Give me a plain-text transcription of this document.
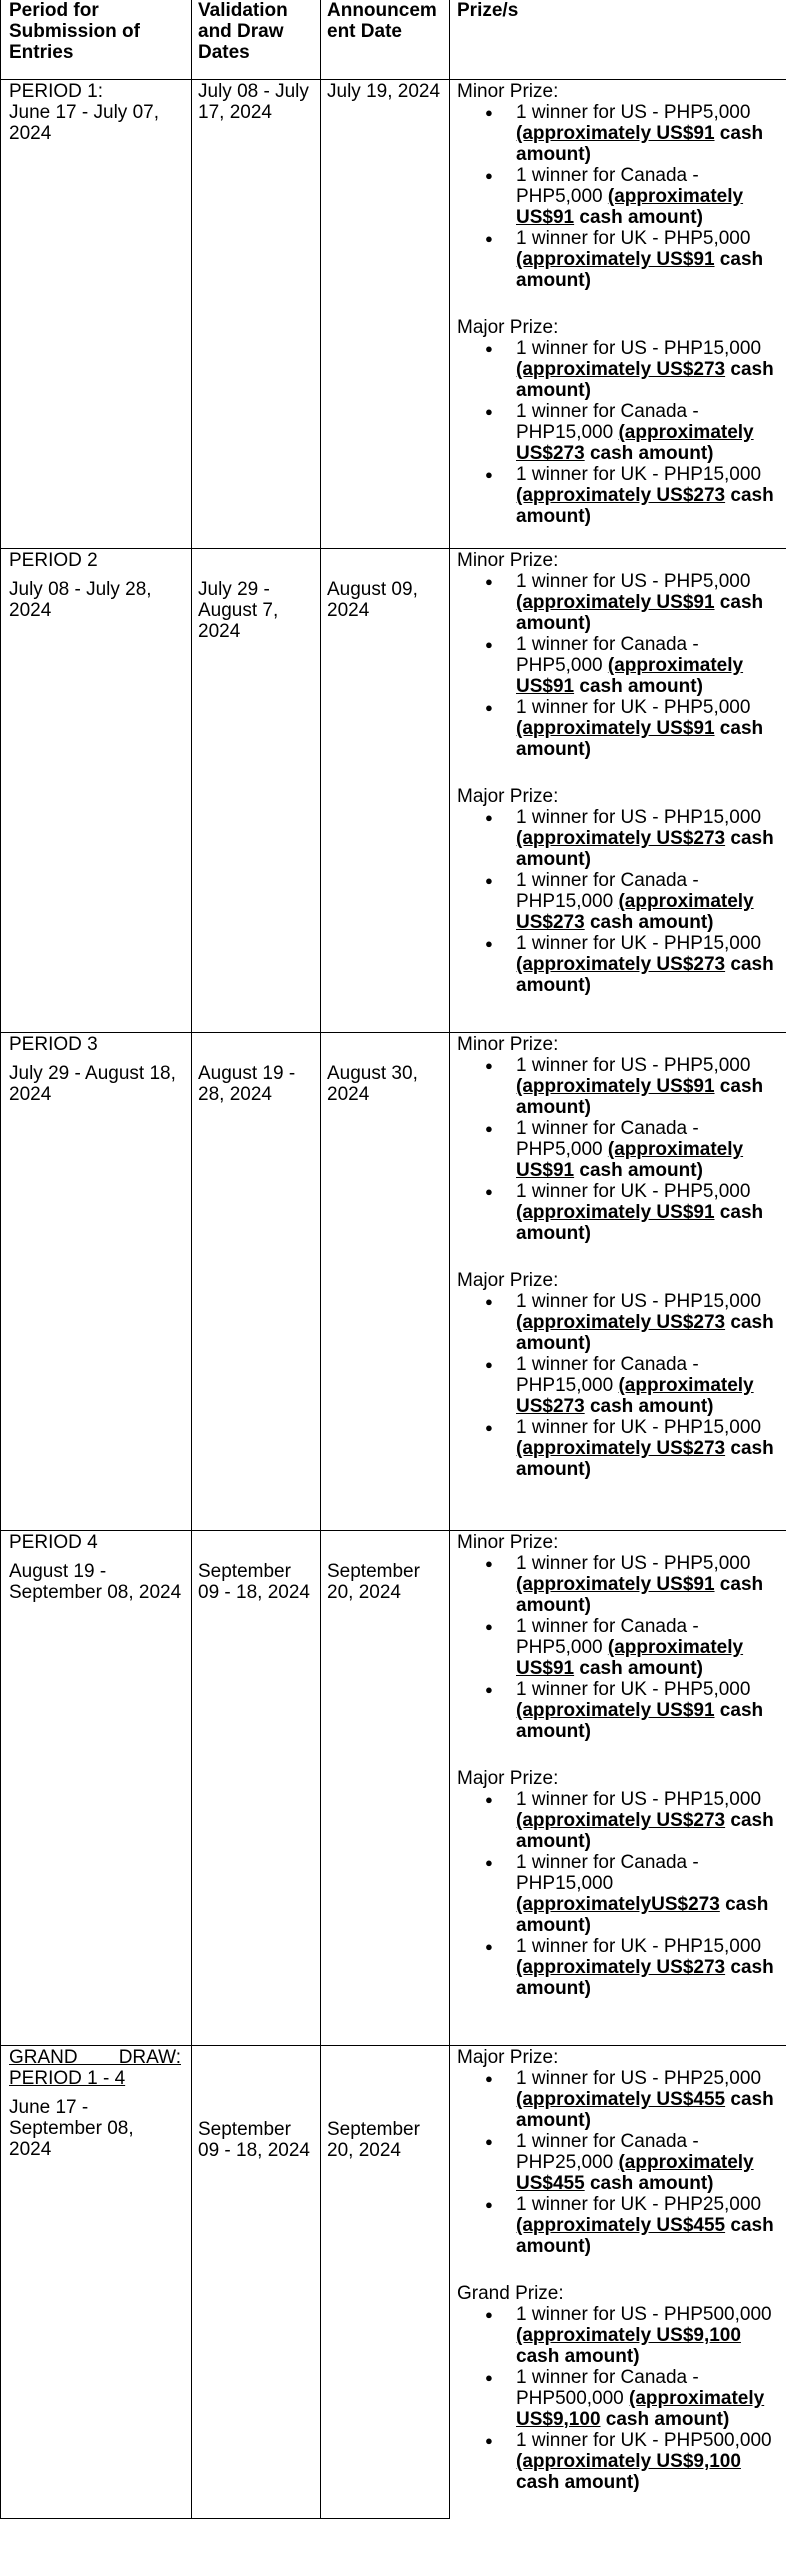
Period for Submission of Entries
Validation and Draw Dates
Announcem ent Date
Prize/s

PERIOD 1:

June 17 - July 07, 2024

July 08 - July 17, 2024
July 19, 2024 Minor Prize:

● 1 winner for US - PHP5,000 (approximately US$91 cash amount)
● 1 winner for Canada - PHP5,000 (approximately US$91 cash amount)
● 1 winner for UK - PHP5,000 (approximately US$91 cash amount)

Major Prize:

● 1 winner for US - PHP15,000 (approximately US$273 cash amount)
● 1 winner for Canada - PHP15,000 (approximately US$273 cash amount)
● 1 winner for UK - PHP15,000 (approximately US$273 cash amount)

PERIOD 2

July 08 - July 28, 2024

July 29 - August 7, 2024
August 09, 2024

Minor Prize:

● 1 winner for US - PHP5,000 (approximately US$91 cash amount)
● 1 winner for Canada - PHP5,000 (approximately US$91 cash amount)
● 1 winner for UK - PHP5,000 (approximately US$91 cash amount)

Major Prize:

● 1 winner for US - PHP15,000 (approximately US$273 cash amount)
● 1 winner for Canada - PHP15,000 (approximately US$273 cash amount)
● 1 winner for UK - PHP15,000 (approximately US$273 cash amount)

PERIOD 3

July 29 - August 18, 2024

August 19 - 28, 2024
August 30, 2024

Minor Prize:

● 1 winner for US - PHP5,000 (approximately US$91 cash amount)
● 1 winner for Canada - PHP5,000 (approximately US$91 cash amount)
● 1 winner for UK - PHP5,000 (approximately US$91 cash amount)

Major Prize:

● 1 winner for US - PHP15,000 (approximately US$273 cash amount)
● 1 winner for Canada - PHP15,000 (approximately US$273 cash amount)
● 1 winner for UK - PHP15,000 (approximately US$273 cash amount)

PERIOD 4

August 19 - September 08, 2024

September 09 - 18, 2024
September 20, 2024

Minor Prize:

● 1 winner for US - PHP5,000 (approximately US$91 cash amount)
● 1 winner for Canada - PHP5,000 (approximately US$91 cash amount)
● 1 winner for UK - PHP5,000 (approximately US$91 cash amount)

Major Prize:

● 1 winner for US - PHP15,000 (approximately US$273 cash amount)
● 1 winner for Canada - PHP15,000 (approximatelyUS$273 cash amount)
● 1 winner for UK - PHP15,000 (approximately US$273 cash amount)

GRAND DRAW: PERIOD 1 - 4

June 17 - September 08, 2024

September 09 - 18, 2024
September 20, 2024

Major Prize:

● 1 winner for US - PHP25,000 (approximately US$455 cash amount)
● 1 winner for Canada - PHP25,000 (approximately US$455 cash amount)
● 1 winner for UK - PHP25,000 (approximately US$455 cash amount)

Grand Prize:

● 1 winner for US - PHP500,000 (approximately US$9,100 cash amount)
● 1 winner for Canada - PHP500,000 (approximately US$9,100 cash amount)
● 1 winner for UK - PHP500,000 (approximately US$9,100 cash amount)
